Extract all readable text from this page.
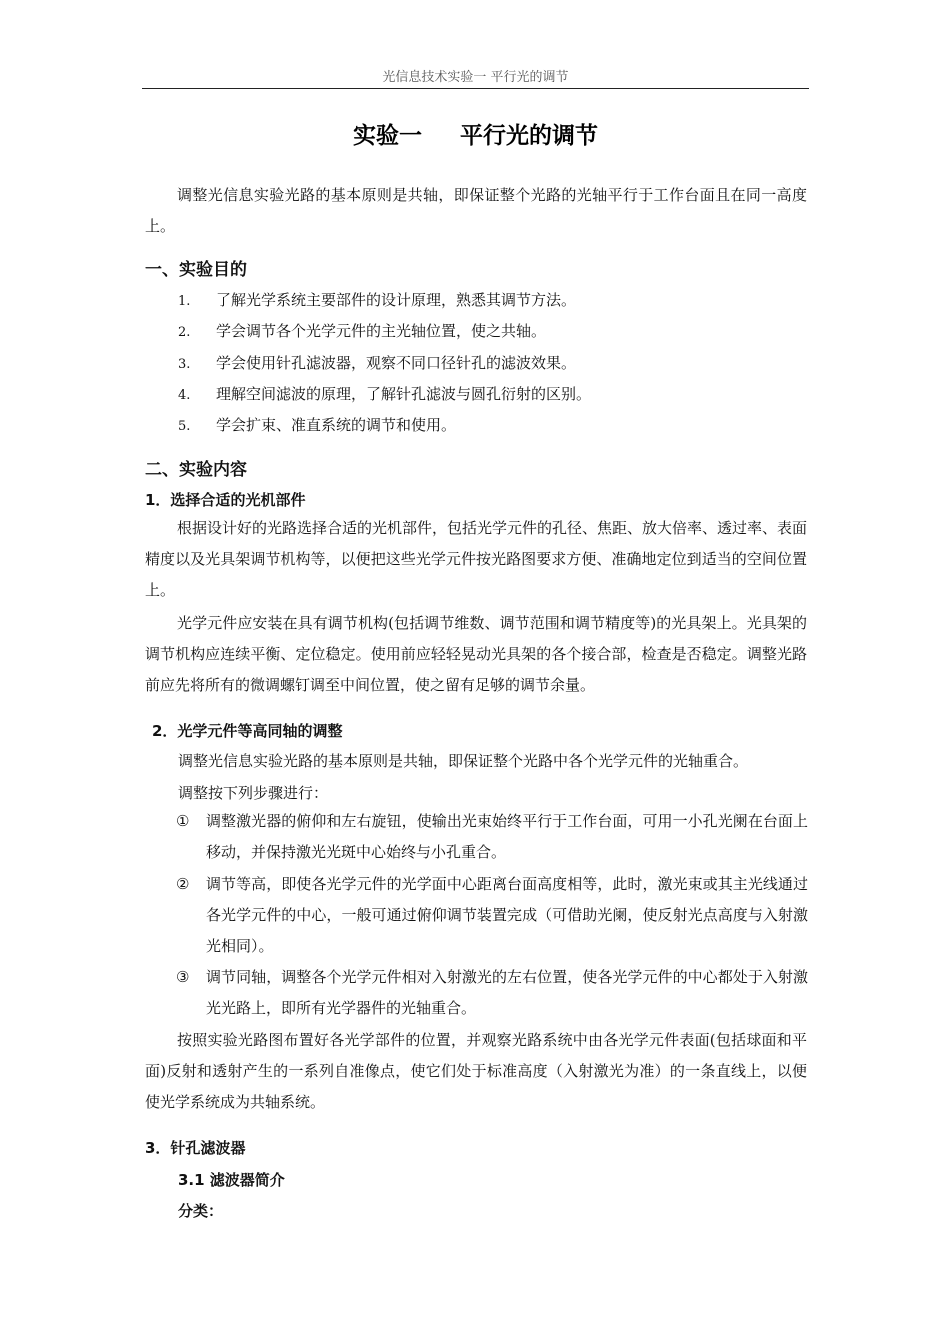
光信息技术实验一 平行光的调节
实验一 平行光的调节
调整光信息实验光路的基本原则是共轴，即保证整个光路的光轴平行于工作台面且在同一高度上。
一、实验目的
1. 了解光学系统主要部件的设计原理，熟悉其调节方法。
2. 学会调节各个光学元件的主光轴位置，使之共轴。
3. 学会使用针孔滤波器，观察不同口径针孔的滤波效果。
4. 理解空间滤波的原理，了解针孔滤波与圆孔衍射的区别。
5. 学会扩束、准直系统的调节和使用。
二、实验内容
1．选择合适的光机部件
根据设计好的光路选择合适的光机部件，包括光学元件的孔径、焦距、放大倍率、透过率、表面精度以及光具架调节机构等，以便把这些光学元件按光路图要求方便、准确地定位到适当的空间位置上。
光学元件应安装在具有调节机构(包括调节维数、调节范围和调节精度等)的光具架上。光具架的调节机构应连续平衡、定位稳定。使用前应轻轻晃动光具架的各个接合部，检查是否稳定。调整光路前应先将所有的微调螺钉调至中间位置，使之留有足够的调节余量。
2．光学元件等高同轴的调整
调整光信息实验光路的基本原则是共轴，即保证整个光路中各个光学元件的光轴重合。
调整按下列步骤进行：
① 调整激光器的俯仰和左右旋钮，使输出光束始终平行于工作台面，可用一小孔光阑在台面上移动，并保持激光光斑中心始终与小孔重合。
② 调节等高，即使各光学元件的光学面中心距离台面高度相等，此时，激光束或其主光线通过各光学元件的中心，一般可通过俯仰调节装置完成（可借助光阑，使反射光点高度与入射激光相同）。
③ 调节同轴，调整各个光学元件相对入射激光的左右位置，使各光学元件的中心都处于入射激光光路上，即所有光学器件的光轴重合。
按照实验光路图布置好各光学部件的位置，并观察光路系统中由各光学元件表面(包括球面和平面)反射和透射产生的一系列自准像点，使它们处于标准高度（入射激光为准）的一条直线上，以便使光学系统成为共轴系统。
3．针孔滤波器
3.1 滤波器简介
分类：
